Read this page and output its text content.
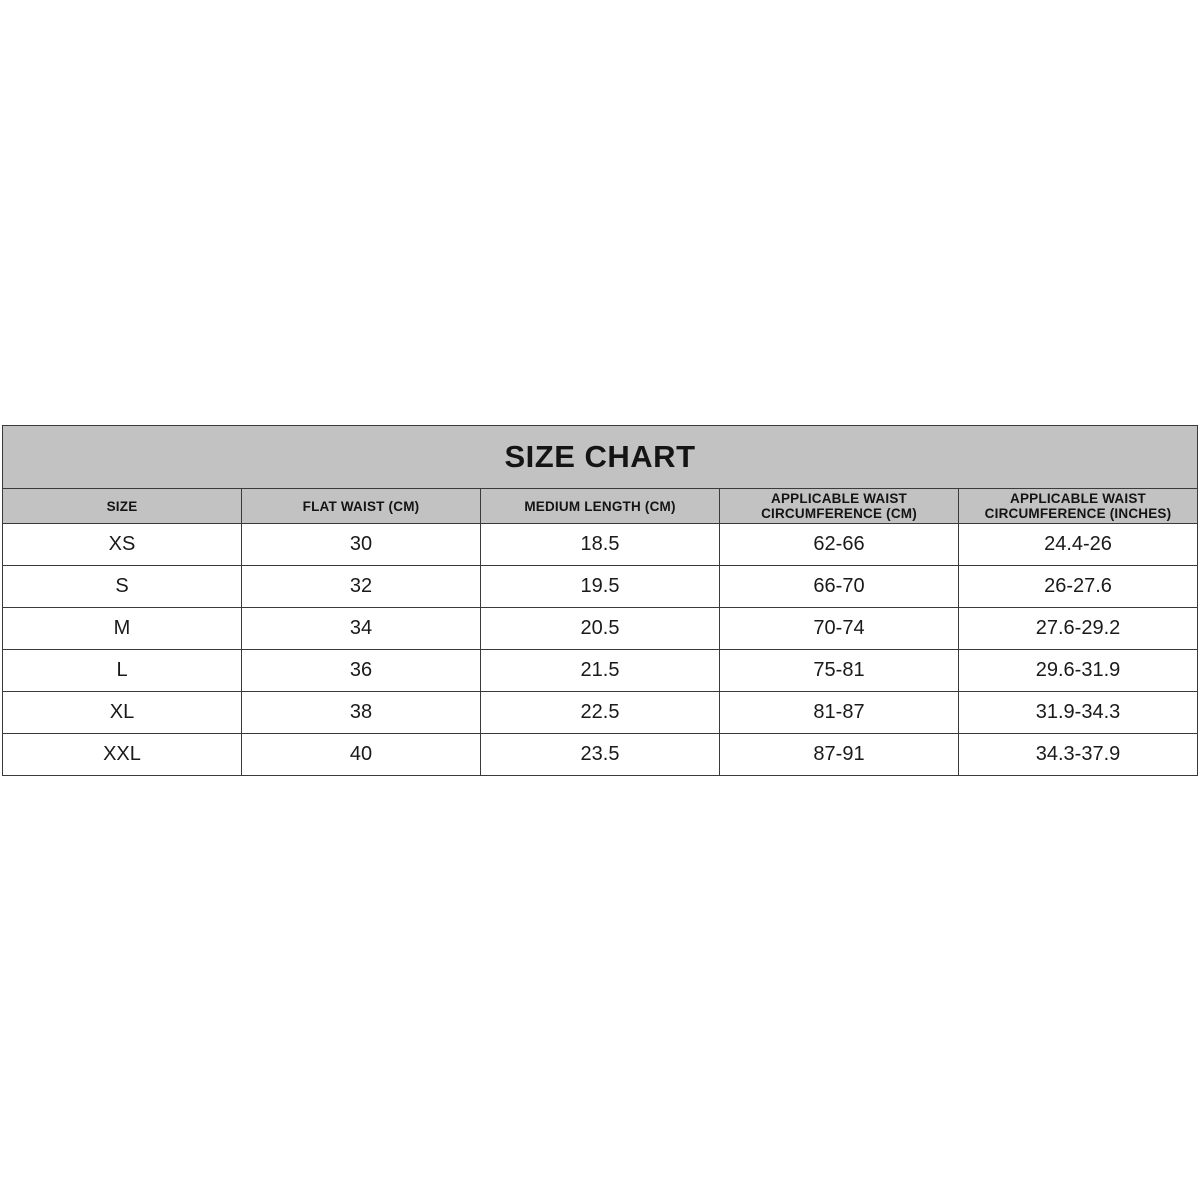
SIZE CHART				
SIZE	FLAT WAIST (CM)	MEDIUM LENGTH (CM)	APPLICABLE WAIST CIRCUMFERENCE (CM)	APPLICABLE WAIST CIRCUMFERENCE (INCHES)
XS	30	18.5	62-66	24.4-26
S	32	19.5	66-70	26-27.6
M	34	20.5	70-74	27.6-29.2
L	36	21.5	75-81	29.6-31.9
XL	38	22.5	81-87	31.9-34.3
XXL	40	23.5	87-91	34.3-37.9
